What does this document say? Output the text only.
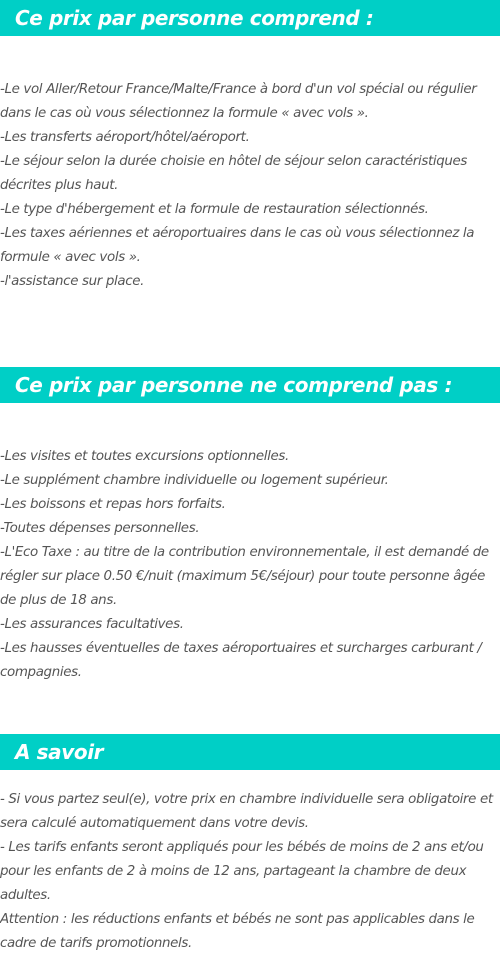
Ce prix par personne comprend :

-Le vol Aller/Retour France/Malte/France à bord d'un vol spécial ou régulier dans le cas où vous sélectionnez la formule « avec vols ».

-Les transferts aéroport/hôtel/aéroport.

-Le séjour selon la durée choisie en hôtel de séjour selon caractéristiques décrites plus haut.

-Le type d'hébergement et la formule de restauration sélectionnés.

-Les taxes aériennes et aéroportuaires dans le cas où vous sélectionnez la formule « avec vols ».

-l'assistance sur place.

Ce prix par personne ne comprend pas :

-Les visites et toutes excursions optionnelles.

-Le supplément chambre individuelle ou logement supérieur.

-Les boissons et repas hors forfaits.

-Toutes dépenses personnelles.

-L'Eco Taxe : au titre de la contribution environnementale, il est demandé de régler sur place 0.50 €/nuit (maximum 5€/séjour) pour toute personne âgée de plus de 18 ans.

-Les assurances facultatives.

-Les hausses éventuelles de taxes aéroportuaires et surcharges carburant / compagnies.

A savoir

- Si vous partez seul(e), votre prix en chambre individuelle sera obligatoire et sera calculé automatiquement dans votre devis.

- Les tarifs enfants seront appliqués pour les bébés de moins de 2 ans et/ou pour les enfants de 2 à moins de 12 ans, partageant la chambre de deux adultes.

Attention : les réductions enfants et bébés ne sont pas applicables dans le cadre de tarifs promotionnels.
